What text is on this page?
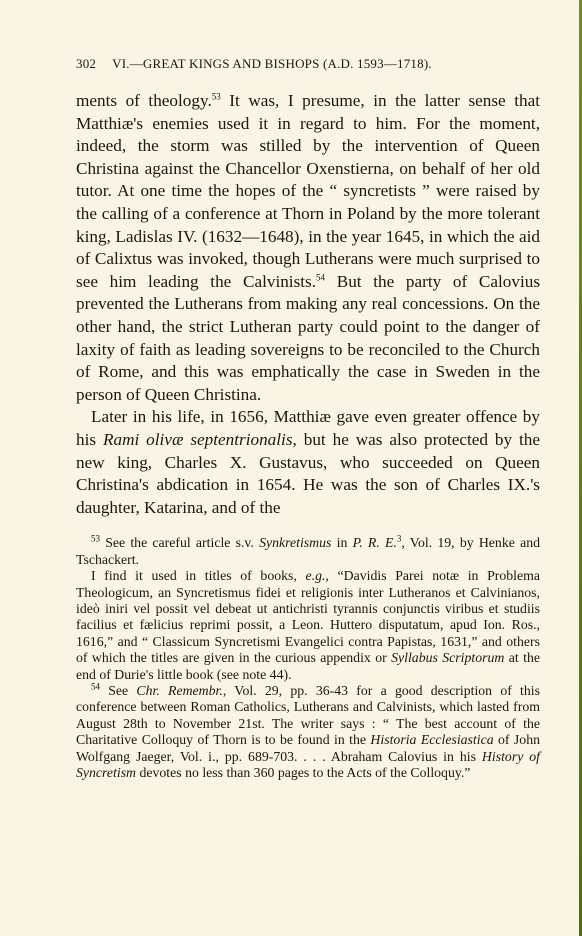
302 VI.—GREAT KINGS AND BISHOPS (A.D. 1593—1718).

ments of theology.$^{53}$ It was, I presume, in the latter sense that Matthiæ's enemies used it in regard to him. For the moment, indeed, the storm was stilled by the intervention of Queen Christina against the Chancellor Oxenstierna, on behalf of her old tutor. At one time the hopes of the “ syncretists ” were raised by the calling of a conference at Thorn in Poland by the more tolerant king, Ladislas IV. (1632—1648), in the year 1645, in which the aid of Calixtus was invoked, though Lutherans were much surprised to see him leading the Calvinists.$^{54}$ But the party of Calovius prevented the Lutherans from making any real concessions. On the other hand, the strict Lutheran party could point to the danger of laxity of faith as leading sovereigns to be reconciled to the Church of Rome, and this was emphatically the case in Sweden in the person of Queen Christina.

Later in his life, in 1656, Matthiæ gave even greater offence by his Rami olivæ septentrionalis, but he was also protected by the new king, Charles X. Gustavus, who succeeded on Queen Christina's abdication in 1654. He was the son of Charles IX.'s daughter, Katarina, and of the

$^{53}$ See the careful article s.v. Synkretismus in P. R. E.$^3$, Vol. 19, by Henke and Tschackert.

I find it used in titles of books, e.g., “Davidis Parei notæ in Problema Theologicum, an Syncretismus fidei et religionis inter Lutheranos et Calvinianos, ideò iniri vel possit vel debeat ut antichristi tyrannis conjunctis viribus et studiis facilius et fælicius reprimi possit, a Leon. Huttero disputatum, apud Ion. Ros., 1616,” and “ Classicum Syncretismi Evangelici contra Papistas, 1631,” and others of which the titles are given in the curious appendix or Syllabus Scriptorum at the end of Durie's little book (see note 44).

$^{54}$ See Chr. Remembr., Vol. 29, pp. 36-43 for a good description of this conference between Roman Catholics, Lutherans and Calvinists, which lasted from August 28th to November 21st. The writer says : “ The best account of the Charitative Colloquy of Thorn is to be found in the Historia Ecclesiastica of John Wolfgang Jaeger, Vol. i., pp. 689-703. . . . Abraham Calovius in his History of Syncretism devotes no less than 360 pages to the Acts of the Colloquy.”
